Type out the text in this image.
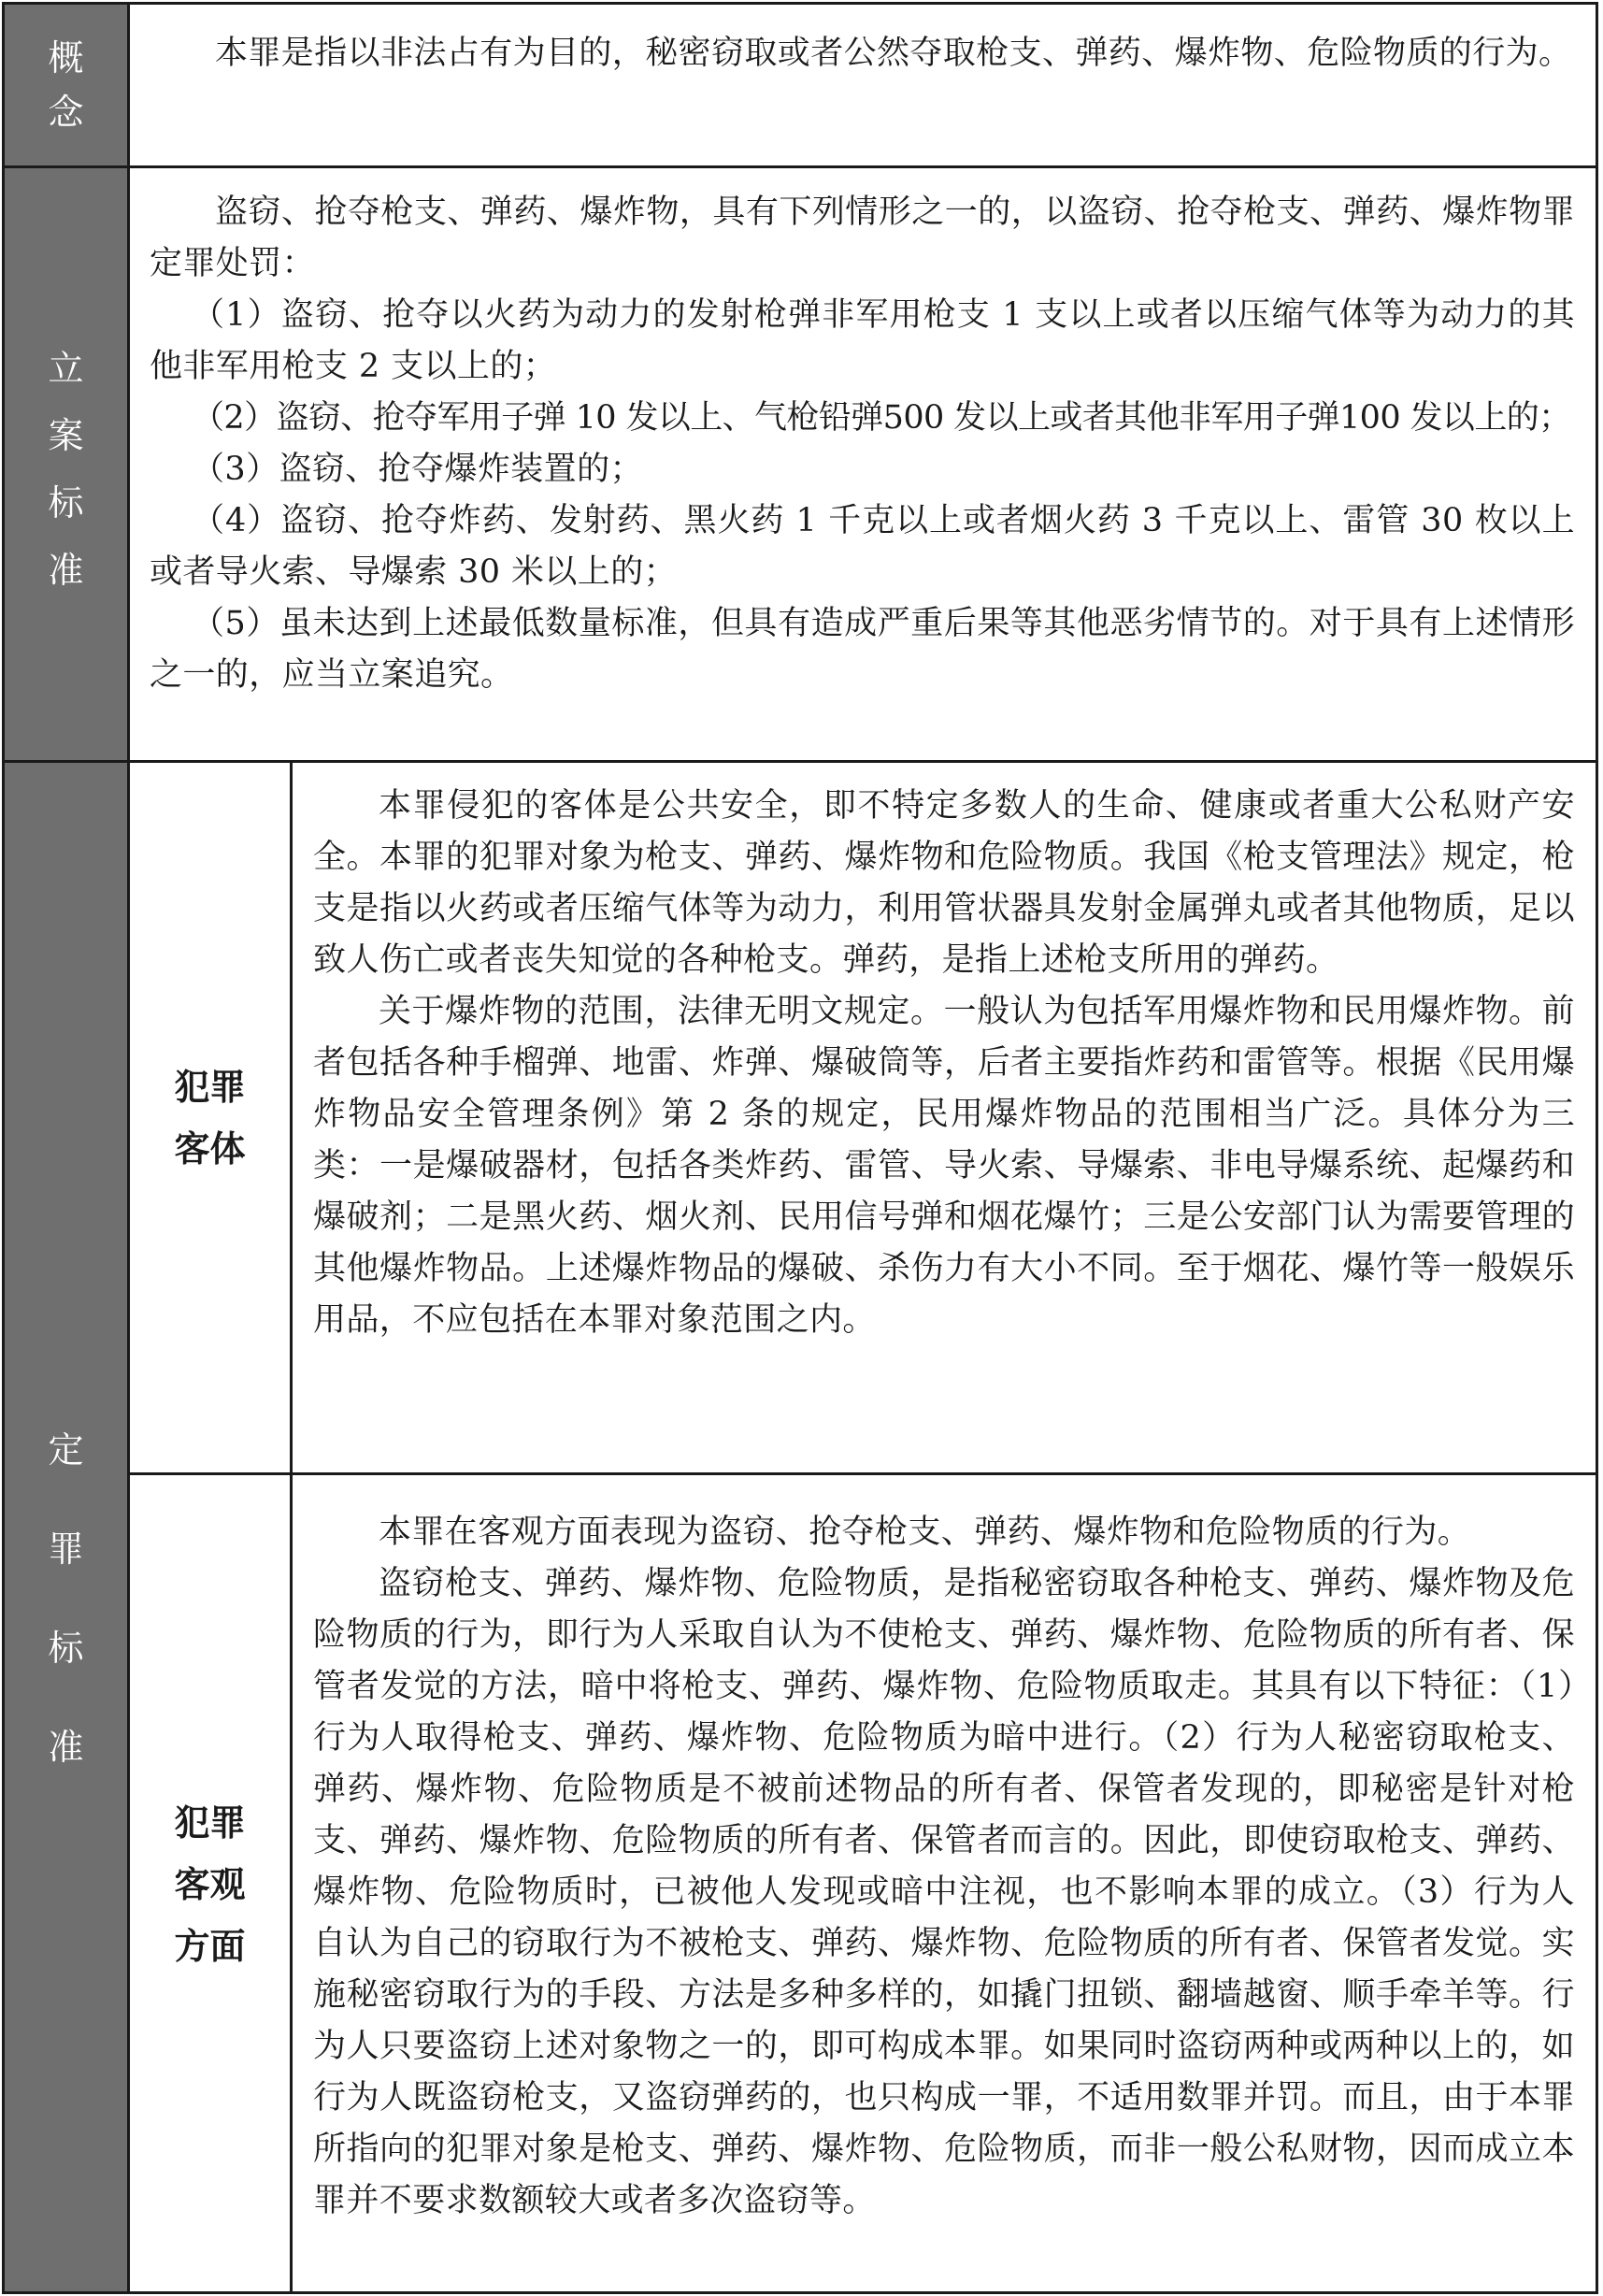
概
念

本罪是指以非法占有为目的，秘密窃取或者公然夺取枪支、弹药、爆炸物、危险物质的行为。

立
案
标
准

盗窃、抢夺枪支、弹药、爆炸物，具有下列情形之一的，以盗窃、抢夺枪支、弹药、爆炸物罪定罪处罚：

（1）盗窃、抢夺以火药为动力的发射枪弹非军用枪支 1 支以上或者以压缩气体等为动力的其他非军用枪支 2 支以上的；

（2）盗窃、抢夺军用子弹 10 发以上、气枪铅弹500 发以上或者其他非军用子弹100 发以上的；

（3）盗窃、抢夺爆炸装置的；

（4）盗窃、抢夺炸药、发射药、黑火药 1 千克以上或者烟火药 3 千克以上、雷管 30 枚以上或者导火索、导爆索 30 米以上的；

（5）虽未达到上述最低数量标准，但具有造成严重后果等其他恶劣情节的。对于具有上述情形之一的，应当立案追究。

定
罪
标
准
犯罪
客体

本罪侵犯的客体是公共安全，即不特定多数人的生命、健康或者重大公私财产安全。本罪的犯罪对象为枪支、弹药、爆炸物和危险物质。我国《枪支管理法》规定，枪支是指以火药或者压缩气体等为动力，利用管状器具发射金属弹丸或者其他物质，足以致人伤亡或者丧失知觉的各种枪支。弹药，是指上述枪支所用的弹药。

关于爆炸物的范围，法律无明文规定。一般认为包括军用爆炸物和民用爆炸物。前者包括各种手榴弹、地雷、炸弹、爆破筒等，后者主要指炸药和雷管等。根据《民用爆炸物品安全管理条例》第 2 条的规定，民用爆炸物品的范围相当广泛。具体分为三类：一是爆破器材，包括各类炸药、雷管、导火索、导爆索、非电导爆系统、起爆药和爆破剂；二是黑火药、烟火剂、民用信号弹和烟花爆竹；三是公安部门认为需要管理的其他爆炸物品。上述爆炸物品的爆破、杀伤力有大小不同。至于烟花、爆竹等一般娱乐用品，不应包括在本罪对象范围之内。

犯罪
客观
方面

本罪在客观方面表现为盗窃、抢夺枪支、弹药、爆炸物和危险物质的行为。

盗窃枪支、弹药、爆炸物、危险物质，是指秘密窃取各种枪支、弹药、爆炸物及危险物质的行为，即行为人采取自认为不使枪支、弹药、爆炸物、危险物质的所有者、保管者发觉的方法，暗中将枪支、弹药、爆炸物、危险物质取走。其具有以下特征：（1）行为人取得枪支、弹药、爆炸物、危险物质为暗中进行。（2）行为人秘密窃取枪支、弹药、爆炸物、危险物质是不被前述物品的所有者、保管者发现的，即秘密是针对枪支、弹药、爆炸物、危险物质的所有者、保管者而言的。因此，即使窃取枪支、弹药、爆炸物、危险物质时，已被他人发现或暗中注视，也不影响本罪的成立。（3）行为人自认为自己的窃取行为不被枪支、弹药、爆炸物、危险物质的所有者、保管者发觉。实施秘密窃取行为的手段、方法是多种多样的，如撬门扭锁、翻墙越窗、顺手牵羊等。行为人只要盗窃上述对象物之一的，即可构成本罪。如果同时盗窃两种或两种以上的，如行为人既盗窃枪支，又盗窃弹药的，也只构成一罪，不适用数罪并罚。而且，由于本罪所指向的犯罪对象是枪支、弹药、爆炸物、危险物质，而非一般公私财物，因而成立本罪并不要求数额较大或者多次盗窃等。
